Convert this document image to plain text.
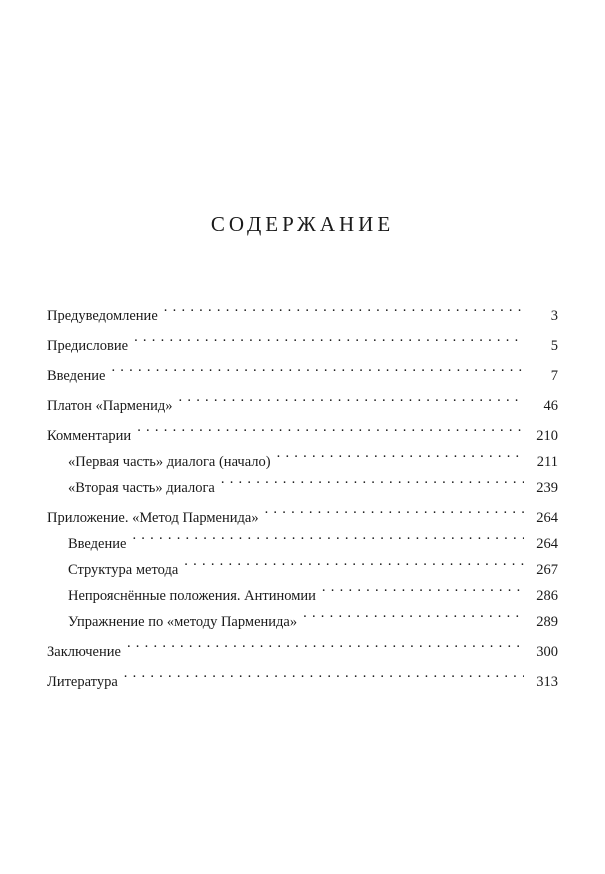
СОДЕРЖАНИЕ
Предуведомление . . .	3
Предисловие . . .	5
Введение . . .	7
Платон «Парменид» . . .	46
Комментарии . . .	210
«Первая часть» диалога (начало) . . .	211
«Вторая часть» диалога . . .	239
Приложение. «Метод Парменида» . . .	264
Введение . . .	264
Структура метода . . .	267
Непрояснённые положения. Антиномии . . .	286
Упражнение по «методу Парменида» . . .	289
Заключение . . .	300
Литература . . .	313
